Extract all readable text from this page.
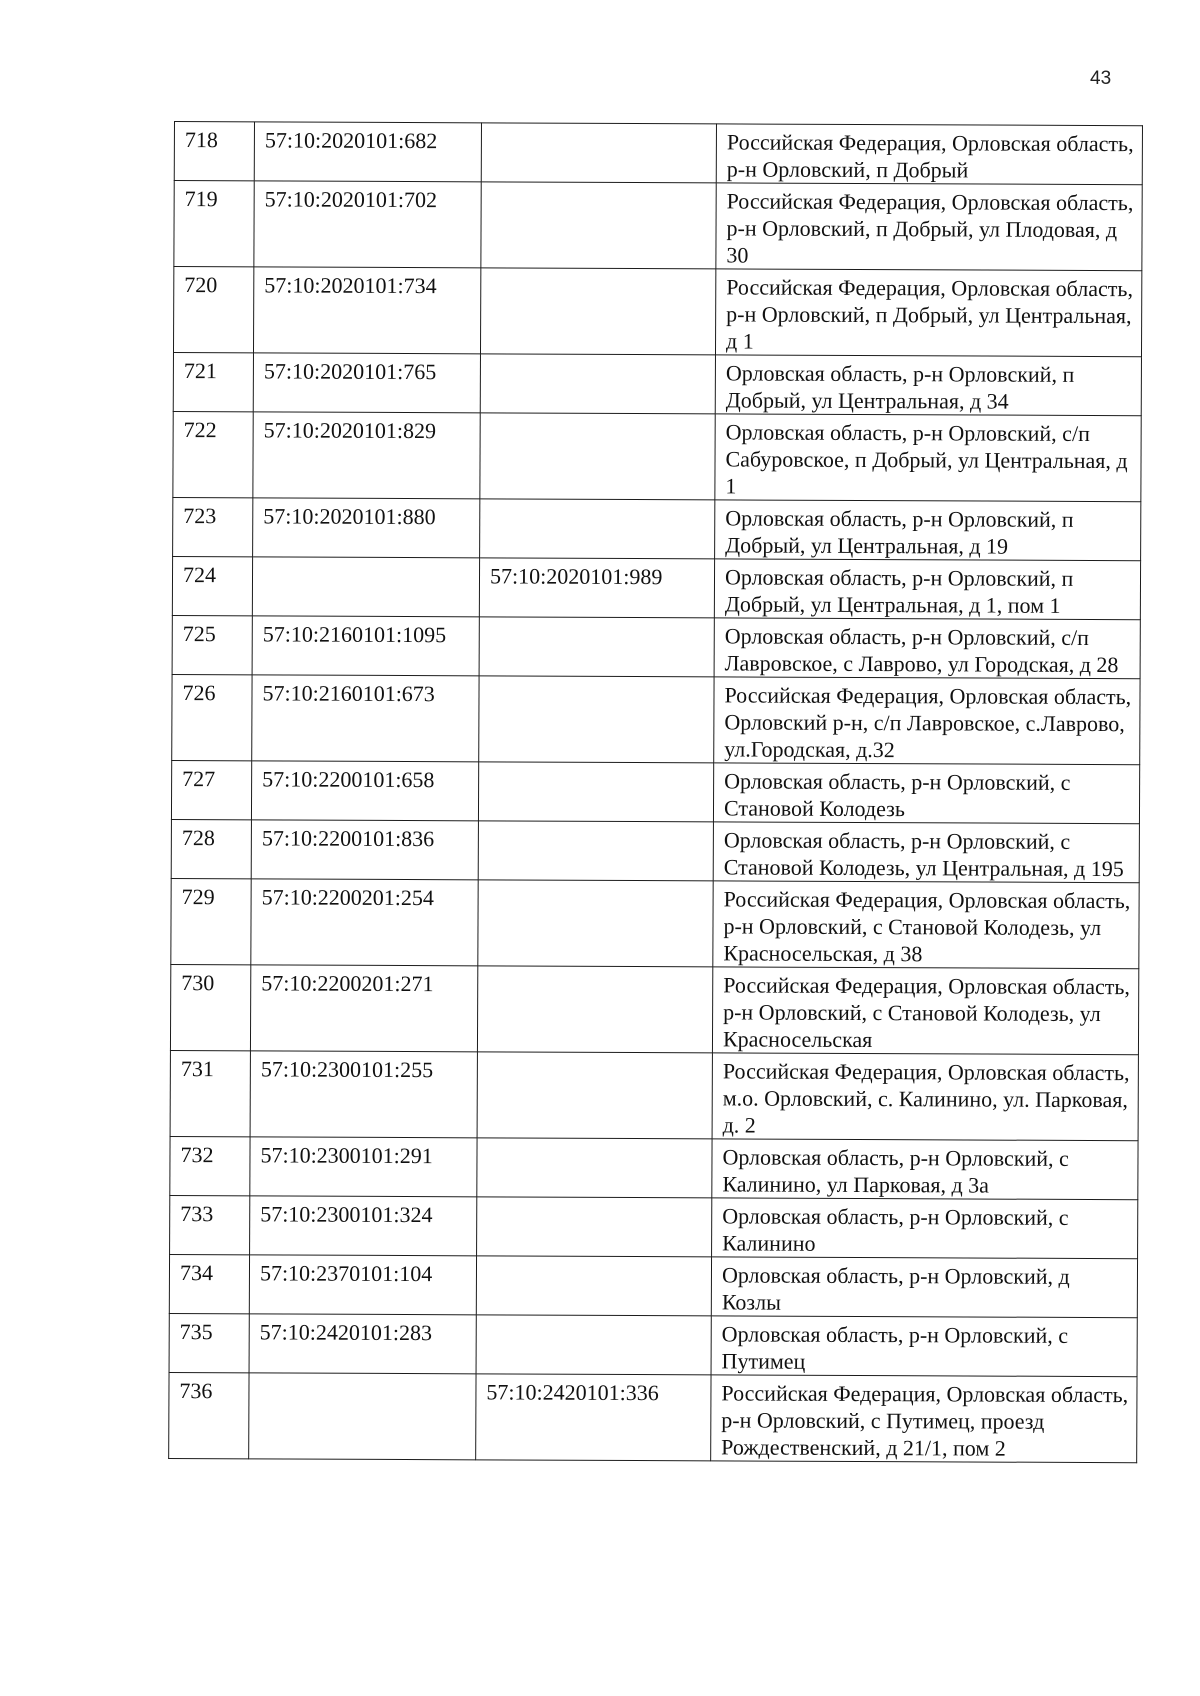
43
718	57:10:2020101:682		Российская Федерация, Орловская область, р-н Орловский, п Добрый
719	57:10:2020101:702		Российская Федерация, Орловская область, р-н Орловский, п Добрый, ул Плодовая, д 30
720	57:10:2020101:734		Российская Федерация, Орловская область, р-н Орловский, п Добрый, ул Центральная, д 1
721	57:10:2020101:765		Орловская область, р-н Орловский, п Добрый, ул Центральная, д 34
722	57:10:2020101:829		Орловская область, р-н Орловский, с/п Сабуровское, п Добрый, ул Центральная, д 1
723	57:10:2020101:880		Орловская область, р-н Орловский, п Добрый, ул Центральная, д 19
724		57:10:2020101:989	Орловская область, р-н Орловский, п Добрый, ул Центральная, д 1, пом 1
725	57:10:2160101:1095		Орловская область, р-н Орловский, с/п Лавровское, с Лаврово, ул Городская, д 28
726	57:10:2160101:673		Российская Федерация, Орловская область, Орловский р-н, с/п Лавровское, с.Лаврово, ул.Городская, д.32
727	57:10:2200101:658		Орловская область, р-н Орловский, с Становой Колодезь
728	57:10:2200101:836		Орловская область, р-н Орловский, с Становой Колодезь, ул Центральная, д 195
729	57:10:2200201:254		Российская Федерация, Орловская область, р-н Орловский, с Становой Колодезь, ул Красносельская, д 38
730	57:10:2200201:271		Российская Федерация, Орловская область, р-н Орловский, с Становой Колодезь, ул Красносельская
731	57:10:2300101:255		Российская Федерация, Орловская область, м.о. Орловский, с. Калинино, ул. Парковая, д. 2
732	57:10:2300101:291		Орловская область, р-н Орловский, с Калинино, ул Парковая, д 3а
733	57:10:2300101:324		Орловская область, р-н Орловский, с Калинино
734	57:10:2370101:104		Орловская область, р-н Орловский, д Козлы
735	57:10:2420101:283		Орловская область, р-н Орловский, с Путимец
736		57:10:2420101:336	Российская Федерация, Орловская область, р-н Орловский, с Путимец, проезд Рождественский, д 21/1, пом 2
